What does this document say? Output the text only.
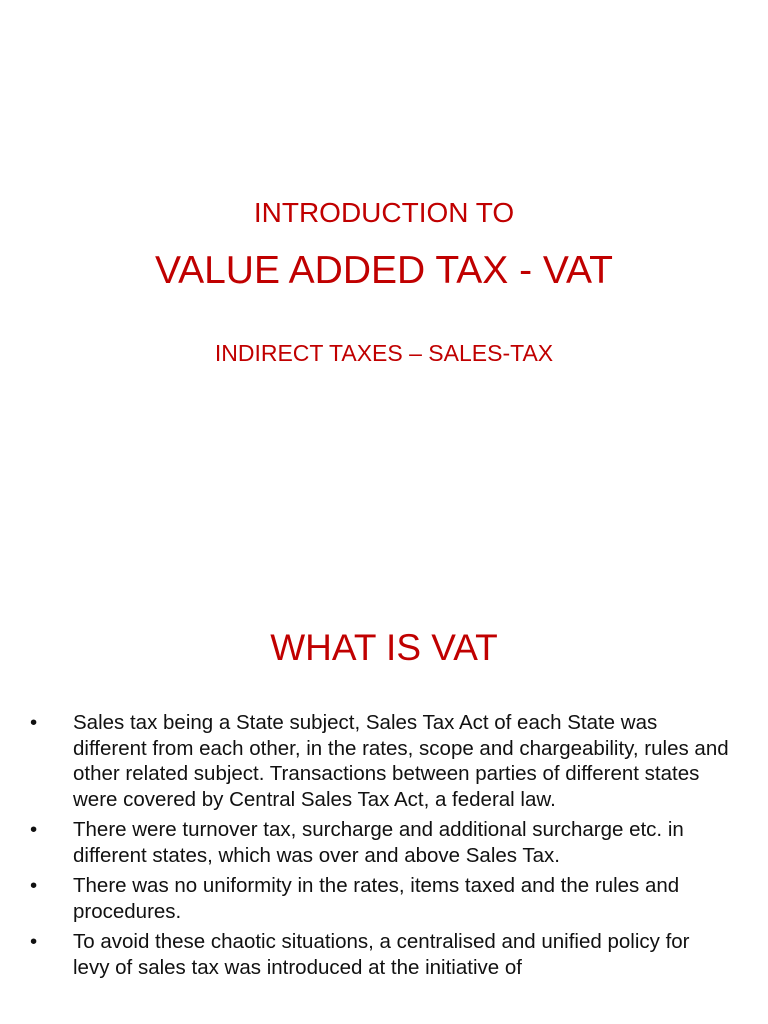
INTRODUCTION TO
VALUE ADDED TAX - VAT
INDIRECT TAXES – SALES-TAX
WHAT IS VAT
•	Sales tax being a State subject, Sales Tax Act of each State was different from each other, in the rates, scope and chargeability, rules and other related subject. Transactions between parties of different states were covered by Central Sales Tax Act, a federal law.
•	There were turnover tax, surcharge and additional surcharge etc. in different states, which was over and above Sales Tax.
•	There was no uniformity in the rates, items taxed and the rules and procedures.
•	To avoid these chaotic situations, a centralised and unified policy for levy of sales tax was introduced at the initiative of
